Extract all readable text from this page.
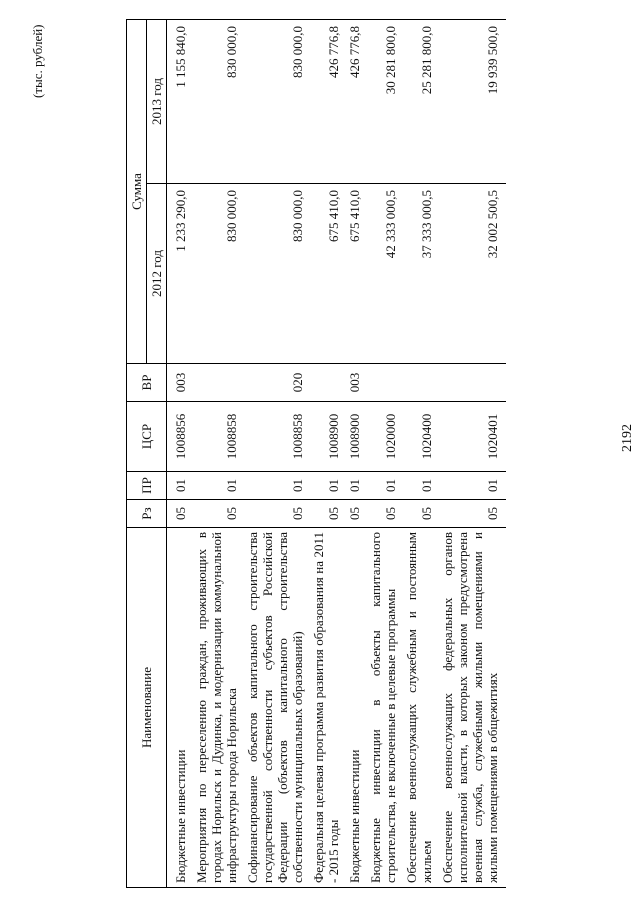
2192
(тыс. рублей)
Наименование	Рз	ПР	ЦСР	ВР	Сумма	
					2012 год	2013 год
Бюджетные инвестиции	05	01	1008856	003	1 233 290,0	1 155 840,0
Мероприятия по переселению граждан, проживающих в городах Норильск и Дудинка, и модернизации коммунальной инфраструктуры города Норильска	05	01	1008858		830 000,0	830 000,0
Софинансирование объектов капитального строительства государственной собственности субъектов Российской Федерации (объектов капитального строительства собственности муниципальных образований)	05	01	1008858	020	830 000,0	830 000,0
Федеральная целевая программа развития образования на 2011 - 2015 годы	05	01	1008900		675 410,0	426 776,8
Бюджетные инвестиции	05	01	1008900	003	675 410,0	426 776,8
Бюджетные инвестиции в объекты капитального строительства, не включенные в целевые программы	05	01	1020000		42 333 000,5	30 281 800,0
Обеспечение военнослужащих служебным и постоянным жильем	05	01	1020400		37 333 000,5	25 281 800,0
Обеспечение военнослужащих федеральных органов исполнительной власти, в которых законом предусмотрена военная служба, служебными жилыми помещениями и жилыми помещениями в общежитиях	05	01	1020401		32 002 500,5	19 939 500,0
